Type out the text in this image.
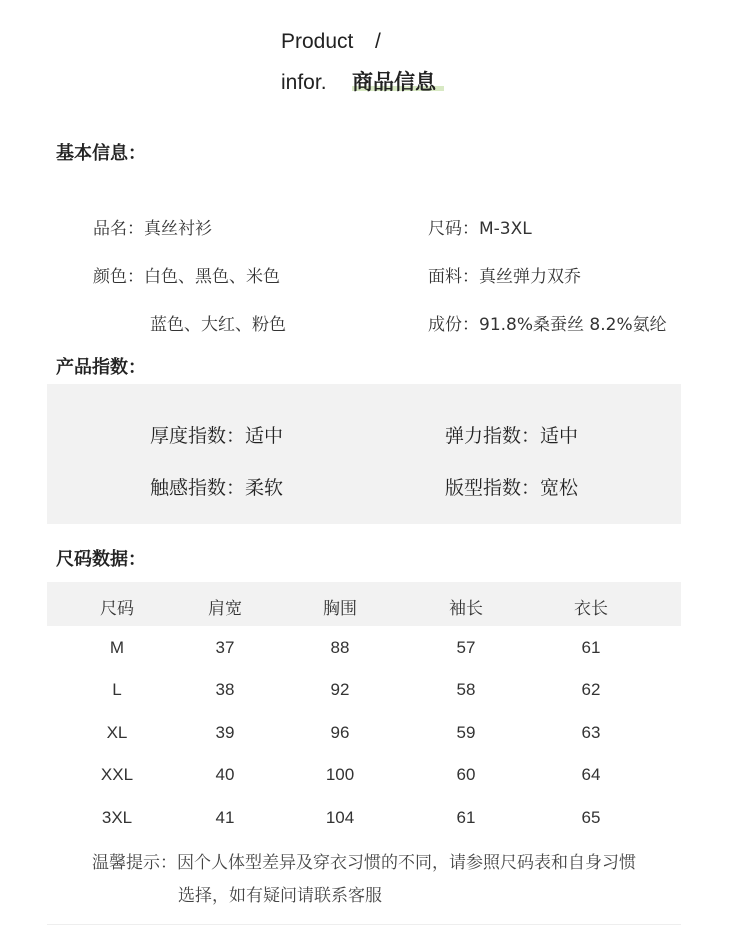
Product /
infor. 商品信息
基本信息：
品名：真丝衬衫	尺码：M-3XL
颜色：白色、黑色、米色	面料：真丝弹力双乔
蓝色、大红、粉色	成份：91.8%桑蚕丝 8.2%氨纶
产品指数：
厚度指数：适中	弹力指数：适中
触感指数：柔软	版型指数：宽松
尺码数据：
尺码	肩宽	胸围	袖长	衣长
M	37	88	57	61
L	38	92	58	62
XL	39	96	59	63
XXL	40	100	60	64
3XL	41	104	61	65
温馨提示：因个人体型差异及穿衣习惯的不同，请参照尺码表和自身习惯
选择，如有疑问请联系客服
